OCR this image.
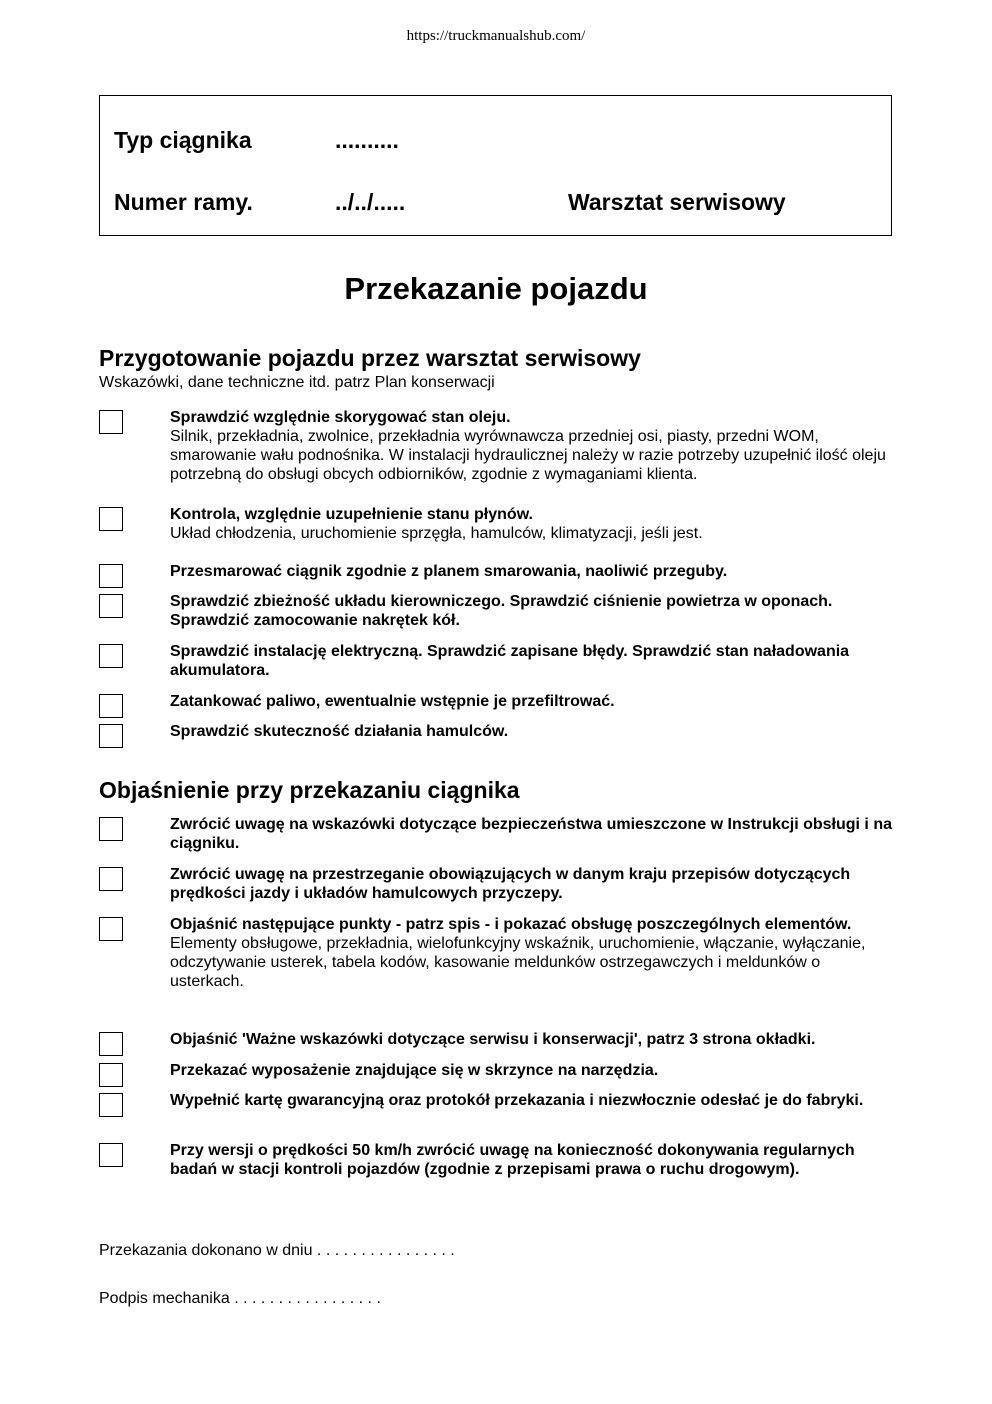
https://truckmanualshub.com/
Typ ciągnika	..........
Numer ramy.	../../.....	Warsztat serwisowy
Przekazanie pojazdu
Przygotowanie pojazdu przez warsztat serwisowy
Wskazówki, dane techniczne itd. patrz Plan konserwacji
Sprawdzić względnie skorygować stan oleju.
Silnik, przekładnia, zwolnice, przekładnia wyrównawcza przedniej osi, piasty, przedni WOM, smarowanie wału podnośnika. W instalacji hydraulicznej należy w razie potrzeby uzupełnić ilość oleju potrzebną do obsługi obcych odbiorników, zgodnie z wymaganiami klienta.
Kontrola, względnie uzupełnienie stanu płynów.
Układ chłodzenia, uruchomienie sprzęgła, hamulców, klimatyzacji, jeśli jest.
Przesmarować ciągnik zgodnie z planem smarowania, naoliwić przeguby.
Sprawdzić zbieżność układu kierowniczego. Sprawdzić ciśnienie powietrza w oponach. Sprawdzić zamocowanie nakrętek kół.
Sprawdzić instalację elektryczną. Sprawdzić zapisane błędy. Sprawdzić stan naładowania akumulatora.
Zatankować paliwo, ewentualnie wstępnie je przefiltrować.
Sprawdzić skuteczność działania hamulców.
Objaśnienie przy przekazaniu ciągnika
Zwrócić uwagę na wskazówki dotyczące bezpieczeństwa umieszczone w Instrukcji obsługi i na ciągniku.
Zwrócić uwagę na przestrzeganie obowiązujących w danym kraju przepisów dotyczących prędkości jazdy i układów hamulcowych przyczepy.
Objaśnić następujące punkty - patrz spis - i pokazać obsługę poszczególnych elementów.
Elementy obsługowe, przekładnia, wielofunkcyjny wskaźnik, uruchomienie, włączanie, wyłączanie, odczytywanie usterek, tabela kodów, kasowanie meldunków ostrzegawczych i meldunków o usterkach.
Objaśnić 'Ważne wskazówki dotyczące serwisu i konserwacji', patrz 3 strona okładki.
Przekazać wyposażenie znajdujące się w skrzynce na narzędzia.
Wypełnić kartę gwarancyjną oraz protokół przekazania i niezwłocznie odesłać je do fabryki.
Przy wersji o prędkości 50 km/h zwrócić uwagę na konieczność dokonywania regularnych badań w stacji kontroli pojazdów (zgodnie z przepisami prawa o ruchu drogowym).
Przekazania dokonano w dniu . . . . . . . . . . . . . . . .
Podpis mechanika . . . . . . . . . . . . . . . . .
